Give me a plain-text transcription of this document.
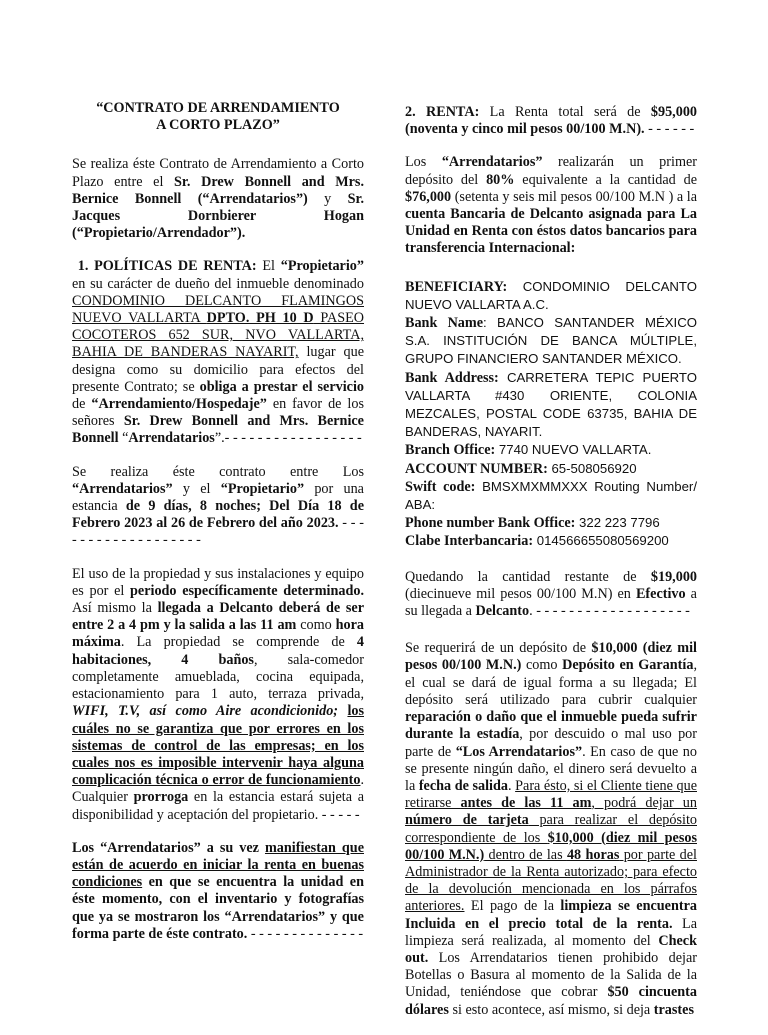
“CONTRATO DE ARRENDAMIENTO
A CORTO PLAZO”

Se realiza éste Contrato de Arrendamiento a Corto Plazo entre el Sr. Drew Bonnell and Mrs. Bernice Bonnell (“Arrendatarios”) y Sr. Jacques Dornbierer Hogan (“Propietario/Arrendador”).

1. POLÍTICAS DE RENTA: El “Propietario” en su carácter de dueño del inmueble denominado CONDOMINIO DELCANTO FLAMINGOS NUEVO VALLARTA DPTO. PH 10 D PASEO COCOTEROS 652 SUR, NVO VALLARTA, BAHIA DE BANDERAS NAYARIT, lugar que designa como su domicilio para efectos del presente Contrato; se obliga a prestar el servicio de “Arrendamiento/Hospedaje” en favor de los señores Sr. Drew Bonnell and Mrs. Bernice Bonnell “Arrendatarios”.- - - - - - - - - - - - - - - - -

Se realiza éste contrato entre Los “Arrendatarios” y el “Propietario” por una estancia de 9 días, 8 noches; Del Día 18 de Febrero 2023 al 26 de Febrero del año 2023. - - - - - - - - - - - - - - - - - - -

El uso de la propiedad y sus instalaciones y equipo es por el periodo específicamente determinado. Así mismo la llegada a Delcanto deberá de ser entre 2 a 4 pm y la salida a las 11 am como hora máxima. La propiedad se comprende de 4 habitaciones, 4 baños, sala-comedor completamente amueblada, cocina equipada, estacionamiento para 1 auto, terraza privada, WIFI, T.V, así como Aire acondicionido; los cuáles no se garantiza que por errores en los sistemas de control de las empresas; en los cuales nos es imposible intervenir haya alguna complicación técnica o error de funcionamiento. Cualquier prorroga en la estancia estará sujeta a disponibilidad y aceptación del propietario. - - - - -

Los “Arrendatarios” a su vez manifiestan que están de acuerdo en iniciar la renta en buenas condiciones en que se encuentra la unidad en éste momento, con el inventario y fotografías que ya se mostraron los “Arrendatarios” y que forma parte de éste contrato. - - - - - - - - - - - - - -

2. RENTA: La Renta total será de $95,000 (noventa y cinco mil pesos 00/100 M.N). - - - - - -

Los “Arrendatarios” realizarán un primer depósito del 80% equivalente a la cantidad de $76,000 (setenta y seis mil pesos 00/100 M.N ) a la cuenta Bancaria de Delcanto asignada para La Unidad en Renta con éstos datos bancarios para transferencia Internacional:

BENEFICIARY: CONDOMINIO DELCANTO NUEVO VALLARTA A.C.

Bank Name: BANCO SANTANDER MÉXICO S.A. INSTITUCIÓN DE BANCA MÚLTIPLE, GRUPO FINANCIERO SANTANDER MÉXICO.

Bank Address: CARRETERA TEPIC PUERTO VALLARTA #430 ORIENTE, COLONIA MEZCALES, POSTAL CODE 63735, BAHIA DE BANDERAS, NAYARIT.

Branch Office: 7740 NUEVO VALLARTA.

ACCOUNT NUMBER: 65-508056920

Swift code: BMSXMXMMXXX Routing Number/ ABA:

Phone number Bank Office: 322 223 7796

Clabe Interbancaria: 014566655080569200

Quedando la cantidad restante de $19,000 (diecinueve mil pesos 00/100 M.N) en Efectivo a su llegada a Delcanto. - - - - - - - - - - - - - - - - - - -

Se requerirá de un depósito de $10,000 (diez mil pesos 00/100 M.N.) como Depósito en Garantía, el cual se dará de igual forma a su llegada; El depósito será utilizado para cubrir cualquier reparación o daño que el inmueble pueda sufrir durante la estadía, por descuido o mal uso por parte de “Los Arrendatarios”. En caso de que no se presente ningún daño, el dinero será devuelto a la fecha de salida. Para ésto, si el Cliente tiene que retirarse antes de las 11 am, podrá dejar un número de tarjeta para realizar el depósito correspondiente de los $10,000 (diez mil pesos 00/100 M.N.) dentro de las 48 horas por parte del Administrador de la Renta autorizado; para efecto de la devolución mencionada en los párrafos anteriores. El pago de la limpieza se encuentra Incluida en el precio total de la renta. La limpieza será realizada, al momento del Check out. Los Arrendatarios tienen prohibido dejar Botellas o Basura al momento de la Salida de la Unidad, teniéndose que cobrar $50 cincuenta dólares si esto acontece, así mismo, si deja trastes
